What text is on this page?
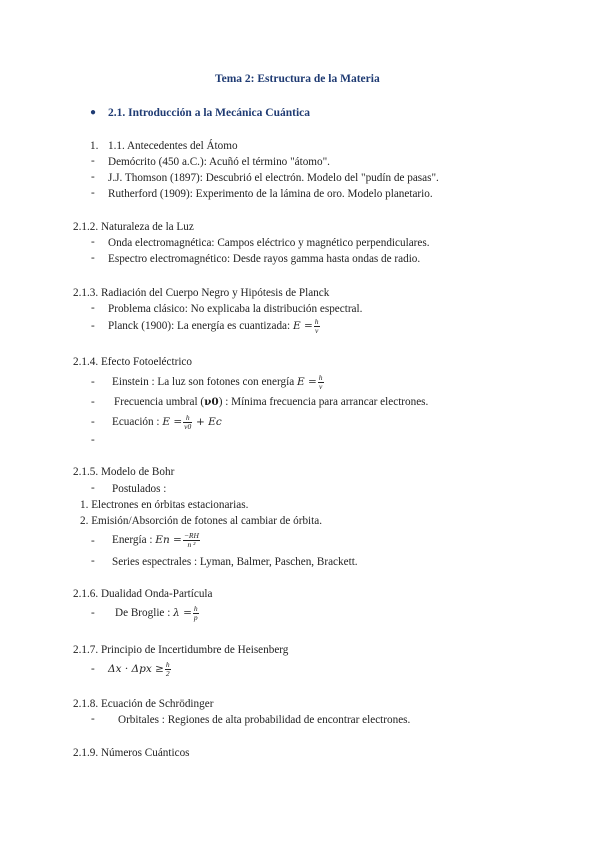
Tema 2: Estructura de la Materia
● 2.1. Introducción a la Mecánica Cuántica
1. 1.1. Antecedentes del Átomo
- Demócrito (450 a.C.): Acuñó el término "átomo".
- J.J. Thomson (1897): Descubrió el electrón. Modelo del "pudín de pasas".
- Rutherford (1909): Experimento de la lámina de oro. Modelo planetario.
2.1.2. Naturaleza de la Luz
- Onda electromagnética: Campos eléctrico y magnético perpendiculares.
- Espectro electromagnético: Desde rayos gamma hasta ondas de radio.
2.1.3. Radiación del Cuerpo Negro y Hipótesis de Planck
- Problema clásico: No explicaba la distribución espectral.
- Planck (1900): La energía es cuantizada: $E = \frac{h}{\nu}$
2.1.4. Efecto Fotoeléctrico
- Einstein : La luz son fotones con energía $E = \frac{h}{\nu}$
- Frecuencia umbral (ν0) : Mínima frecuencia para arrancar electrones.
- Ecuación : $E = \frac{h}{\nu 0} + Ec$
-
2.1.5. Modelo de Bohr
- Postulados :
1. Electrones en órbitas estacionarias.
2. Emisión/Absorción de fotones al cambiar de órbita.
- Energía : $En = \frac{-RH}{\text{n ²}}$
- Series espectrales : Lyman, Balmer, Paschen, Brackett.
2.1.6. Dualidad Onda-Partícula
- De Broglie : $\lambda = \frac{h}{p}$
2.1.7. Principio de Incertidumbre de Heisenberg
- $\Delta x \cdot \Delta px \ge \frac{h}{2}$
2.1.8. Ecuación de Schrödinger
- Orbitales : Regiones de alta probabilidad de encontrar electrones.
2.1.9. Números Cuánticos
